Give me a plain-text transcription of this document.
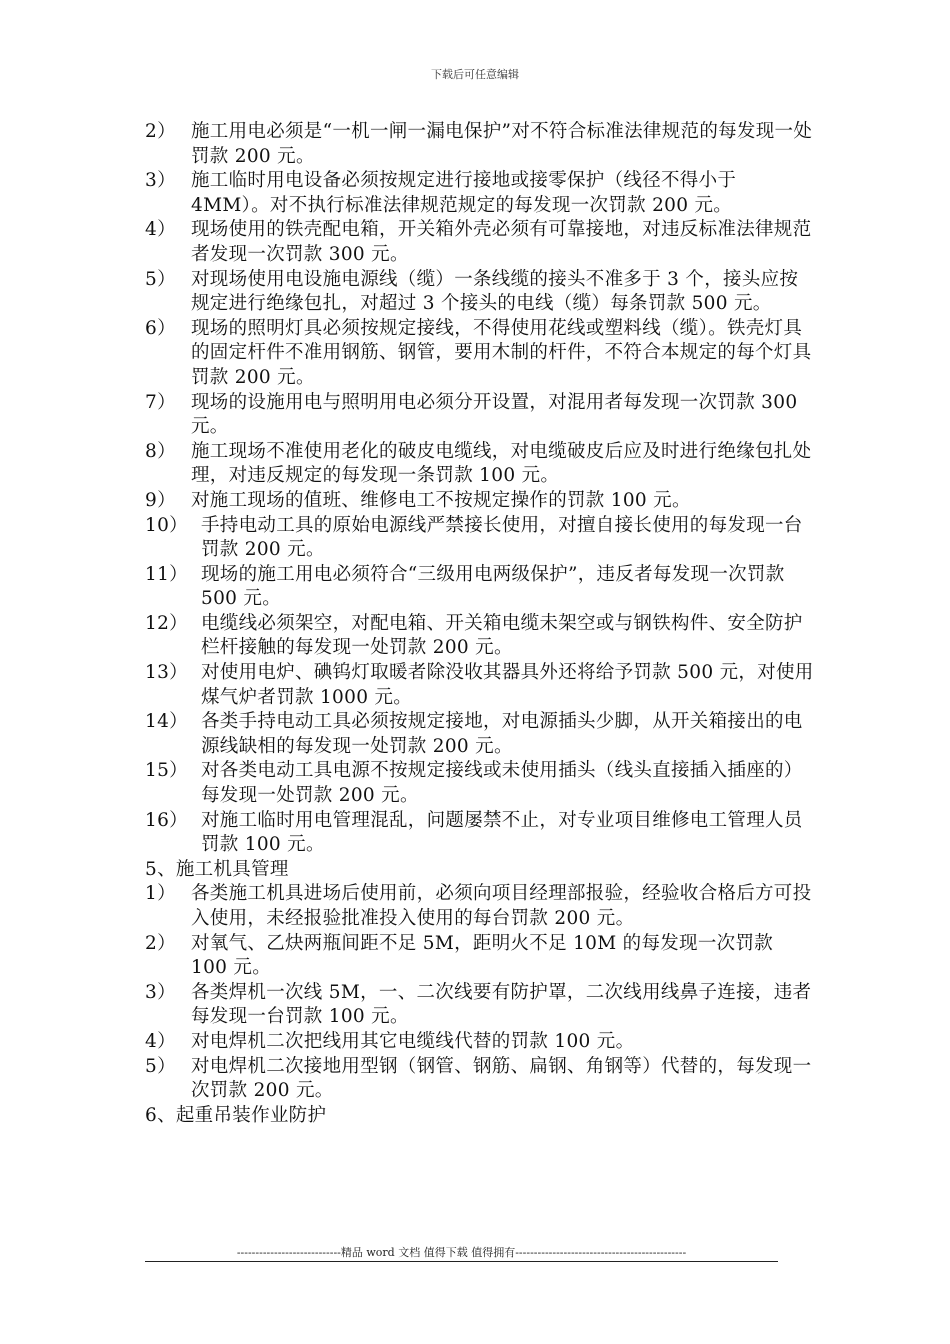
下载后可任意编辑
2） 施工用电必须是“一机一闸一漏电保护”对不符合标准法律规范的每发现一处罚款 200 元。
3） 施工临时用电设备必须按规定进行接地或接零保护（线径不得小于 4MM）。对不执行标准法律规范规定的每发现一次罚款 200 元。
4） 现场使用的铁壳配电箱，开关箱外壳必须有可靠接地，对违反标准法律规范者发现一次罚款 300 元。
5） 对现场使用电设施电源线（缆）一条线缆的接头不准多于 3 个，接头应按规定进行绝缘包扎，对超过 3 个接头的电线（缆）每条罚款 500 元。
6） 现场的照明灯具必须按规定接线，不得使用花线或塑料线（缆）。铁壳灯具的固定杆件不准用钢筋、钢管，要用木制的杆件，不符合本规定的每个灯具罚款 200 元。
7） 现场的设施用电与照明用电必须分开设置，对混用者每发现一次罚款 300 元。
8） 施工现场不准使用老化的破皮电缆线，对电缆破皮后应及时进行绝缘包扎处理，对违反规定的每发现一条罚款 100 元。
9） 对施工现场的值班、维修电工不按规定操作的罚款 100 元。
10） 手持电动工具的原始电源线严禁接长使用，对擅自接长使用的每发现一台罚款 200 元。
11） 现场的施工用电必须符合“三级用电两级保护”，违反者每发现一次罚款 500 元。
12） 电缆线必须架空，对配电箱、开关箱电缆未架空或与钢铁构件、安全防护栏杆接触的每发现一处罚款 200 元。
13） 对使用电炉、碘钨灯取暖者除没收其器具外还将给予罚款 500 元，对使用煤气炉者罚款 1000 元。
14） 各类手持电动工具必须按规定接地，对电源插头少脚，从开关箱接出的电源线缺相的每发现一处罚款 200 元。
15） 对各类电动工具电源不按规定接线或未使用插头（线头直接插入插座的）每发现一处罚款 200 元。
16） 对施工临时用电管理混乱，问题屡禁不止，对专业项目维修电工管理人员罚款 100 元。
5、施工机具管理
1） 各类施工机具进场后使用前，必须向项目经理部报验，经验收合格后方可投入使用，未经报验批准投入使用的每台罚款 200 元。
2） 对氧气、乙炔两瓶间距不足 5M，距明火不足 10M 的每发现一次罚款 100 元。
3） 各类焊机一次线 5M，一、二次线要有防护罩，二次线用线鼻子连接，违者每发现一台罚款 100 元。
4） 对电焊机二次把线用其它电缆线代替的罚款 100 元。
5） 对电焊机二次接地用型钢（钢管、钢筋、扁钢、角钢等）代替的，每发现一次罚款 200 元。
6、起重吊装作业防护
----------------------------精品 word 文档 值得下载 值得拥有----------------------------------------------
